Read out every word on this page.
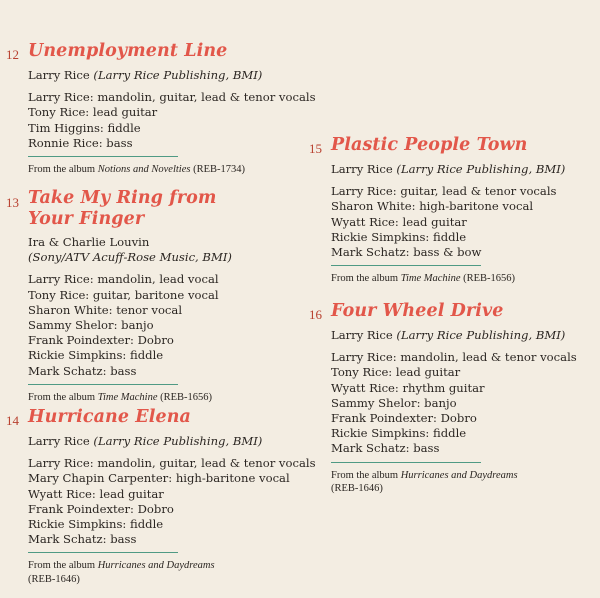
12 Unemployment Line
Larry Rice (Larry Rice Publishing, BMI)
Larry Rice: mandolin, guitar, lead & tenor vocals
Tony Rice: lead guitar
Tim Higgins: fiddle
Ronnie Rice: bass
From the album Notions and Novelties (REB-1734)
13 Take My Ring from
Your Finger
Ira & Charlie Louvin
(Sony/ATV Acuff-Rose Music, BMI)
Larry Rice: mandolin, lead vocal
Tony Rice: guitar, baritone vocal
Sharon White: tenor vocal
Sammy Shelor: banjo
Frank Poindexter: Dobro
Rickie Simpkins: fiddle
Mark Schatz: bass
From the album Time Machine (REB-1656)
14 Hurricane Elena
Larry Rice (Larry Rice Publishing, BMI)
Larry Rice: mandolin, guitar, lead & tenor vocals
Mary Chapin Carpenter: high-baritone vocal
Wyatt Rice: lead guitar
Frank Poindexter: Dobro
Rickie Simpkins: fiddle
Mark Schatz: bass
From the album Hurricanes and Daydreams
(REB-1646)
15 Plastic People Town
Larry Rice (Larry Rice Publishing, BMI)
Larry Rice: guitar, lead & tenor vocals
Sharon White: high-baritone vocal
Wyatt Rice: lead guitar
Rickie Simpkins: fiddle
Mark Schatz: bass & bow
From the album Time Machine (REB-1656)
16 Four Wheel Drive
Larry Rice (Larry Rice Publishing, BMI)
Larry Rice: mandolin, lead & tenor vocals
Tony Rice: lead guitar
Wyatt Rice: rhythm guitar
Sammy Shelor: banjo
Frank Poindexter: Dobro
Rickie Simpkins: fiddle
Mark Schatz: bass
From the album Hurricanes and Daydreams
(REB-1646)
